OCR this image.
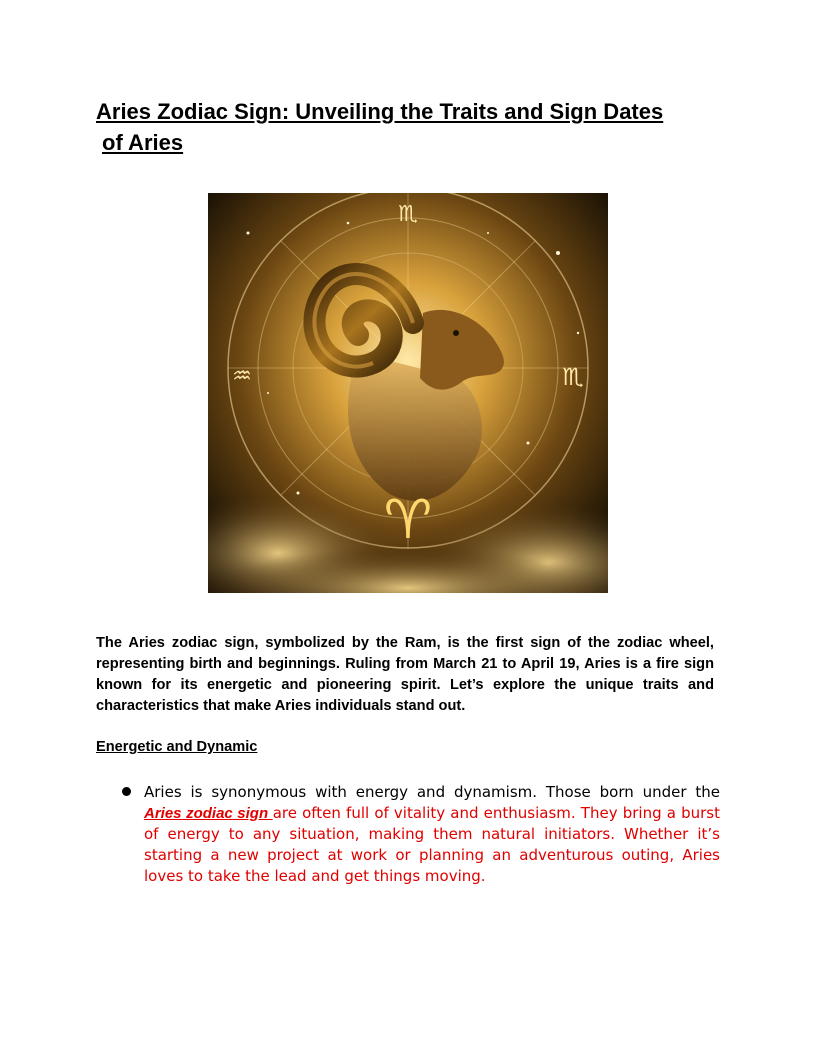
Aries Zodiac Sign: Unveiling the Traits and Sign Dates
of Aries
♏
♏
♒
♈

The Aries zodiac sign, symbolized by the Ram, is the first sign of the zodiac wheel, representing birth and beginnings. Ruling from March 21 to April 19, Aries is a fire sign known for its energetic and pioneering spirit. Let’s explore the unique traits and characteristics that make Aries individuals stand out.

Energetic and Dynamic

Aries is synonymous with energy and dynamism. Those born under the Aries zodiac sign are often full of vitality and enthusiasm. They bring a burst of energy to any situation, making them natural initiators. Whether it’s starting a new project at work or planning an adventurous outing, Aries loves to take the lead and get things moving.
